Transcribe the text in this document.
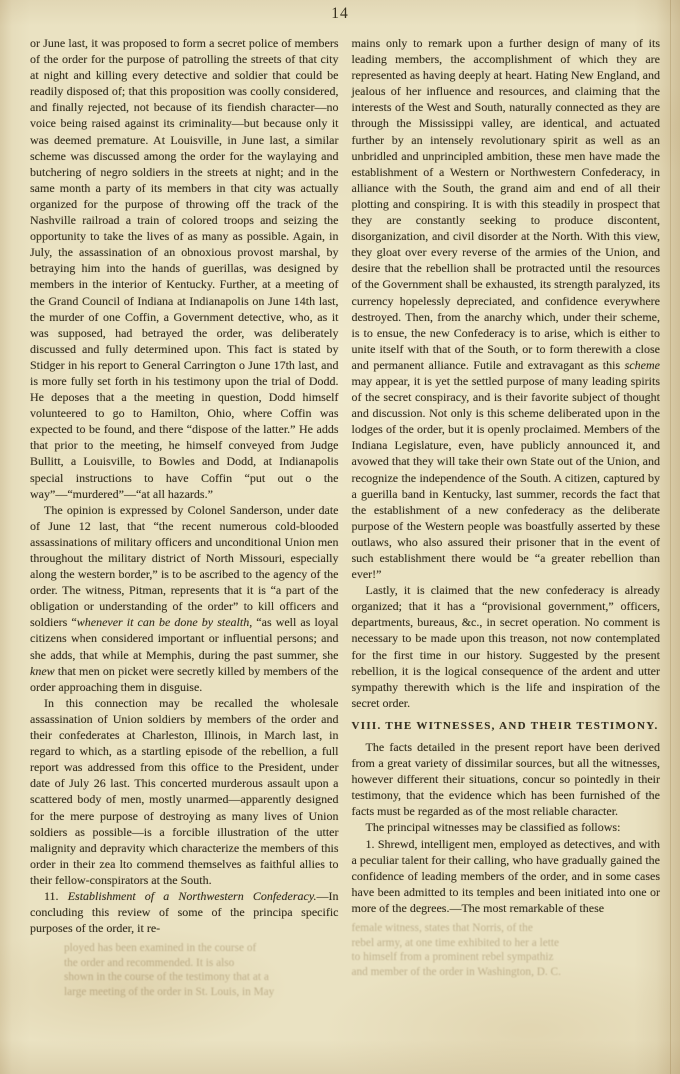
14

or June last, it was proposed to form a secret police of members of the order for the purpose of patrolling the streets of that city at night and killing every detective and soldier that could be readily disposed of; that this proposition was coolly considered, and finally rejected, not because of its fiendish character—no voice being raised against its criminality—but because only it was deemed premature. At Louisville, in June last, a similar scheme was discussed among the order for the waylaying and butchering of negro soldiers in the streets at night; and in the same month a party of its members in that city was actually organized for the purpose of throwing off the track of the Nashville railroad a train of colored troops and seizing the opportunity to take the lives of as many as possible. Again, in July, the assassination of an obnoxious provost marshal, by betraying him into the hands of guerillas, was designed by members in the interior of Kentucky. Further, at a meeting of the Grand Council of Indiana at Indianapolis on June 14th last, the murder of one Coffin, a Government detective, who, as it was supposed, had betrayed the order, was deliberately discussed and fully determined upon. This fact is stated by Stidger in his report to General Carrington o June 17th last, and is more fully set forth in his testimony upon the trial of Dodd. He deposes that a the meeting in question, Dodd himself volunteered to go to Hamilton, Ohio, where Coffin was expected to be found, and there “dispose of the latter.” He adds that prior to the meeting, he himself conveyed from Judge Bullitt, a Louisville, to Bowles and Dodd, at Indianapolis special instructions to have Coffin “put out o the way”—“murdered”—“at all hazards.”

The opinion is expressed by Colonel Sanderson, under date of June 12 last, that “the recent numerous cold-blooded assassinations of military officers and unconditional Union men throughout the military district of North Missouri, especially along the western border,” is to be ascribed to the agency of the order. The witness, Pitman, represents that it is “a part of the obligation or understanding of the order” to kill officers and soldiers “whenever it can be done by stealth, “as well as loyal citizens when considered important or influential persons; and she adds, that while at Memphis, during the past summer, she knew that men on picket were secretly killed by members of the order approaching them in disguise.

In this connection may be recalled the wholesale assassination of Union soldiers by members of the order and their confederates at Charleston, Illinois, in March last, in regard to which, as a startling episode of the rebellion, a full report was addressed from this office to the President, under date of July 26 last. This concerted murderous assault upon a scattered body of men, mostly unarmed—apparently designed for the mere purpose of destroying as many lives of Union soldiers as possible—is a forcible illustration of the utter malignity and depravity which characterize the members of this order in their zea lto commend themselves as faithful allies to their fellow-conspirators at the South.

11. Establishment of a Northwestern Confederacy.—In concluding this review of some of the principa specific purposes of the order, it re-

ployed has been examined in the course of
the order and recommended. It is also
shown in the course of the testimony that at a
large meeting of the order in St. Louis, in May

mains only to remark upon a further design of many of its leading members, the accomplishment of which they are represented as having deeply at heart. Hating New England, and jealous of her influence and resources, and claiming that the interests of the West and South, naturally connected as they are through the Mississippi valley, are identical, and actuated further by an intensely revolutionary spirit as well as an unbridled and unprincipled ambition, these men have made the establishment of a Western or Northwestern Confederacy, in alliance with the South, the grand aim and end of all their plotting and conspiring. It is with this steadily in prospect that they are constantly seeking to produce discontent, disorganization, and civil disorder at the North. With this view, they gloat over every reverse of the armies of the Union, and desire that the rebellion shall be protracted until the resources of the Government shall be exhausted, its strength paralyzed, its currency hopelessly depreciated, and confidence everywhere destroyed. Then, from the anarchy which, under their scheme, is to ensue, the new Confederacy is to arise, which is either to unite itself with that of the South, or to form therewith a close and permanent alliance. Futile and extravagant as this scheme may appear, it is yet the settled purpose of many leading spirits of the secret conspiracy, and is their favorite subject of thought and discussion. Not only is this scheme deliberated upon in the lodges of the order, but it is openly proclaimed. Members of the Indiana Legislature, even, have publicly announced it, and avowed that they will take their own State out of the Union, and recognize the independence of the South. A citizen, captured by a guerilla band in Kentucky, last summer, records the fact that the establishment of a new confederacy as the deliberate purpose of the Western people was boastfully asserted by these outlaws, who also assured their prisoner that in the event of such establishment there would be “a greater rebellion than ever!”

Lastly, it is claimed that the new confederacy is already organized; that it has a “provisional government,” officers, departments, bureaus, &c., in secret operation. No comment is necessary to be made upon this treason, not now contemplated for the first time in our history. Suggested by the present rebellion, it is the logical consequence of the ardent and utter sympathy therewith which is the life and inspiration of the secret order.

VIII. THE WITNESSES, AND THEIR TESTIMONY.

The facts detailed in the present report have been derived from a great variety of dissimilar sources, but all the witnesses, however different their situations, concur so pointedly in their testimony, that the evidence which has been furnished of the facts must be regarded as of the most reliable character.

The principal witnesses may be classified as follows:

1. Shrewd, intelligent men, employed as detectives, and with a peculiar talent for their calling, who have gradually gained the confidence of leading members of the order, and in some cases have been admitted to its temples and been initiated into one or more of the degrees.—The most remarkable of these

female witness, states that Norris, of the
rebel army, at one time exhibited to her a lette
to himself from a prominent rebel sympathiz
and member of the order in Washington, D. C.
